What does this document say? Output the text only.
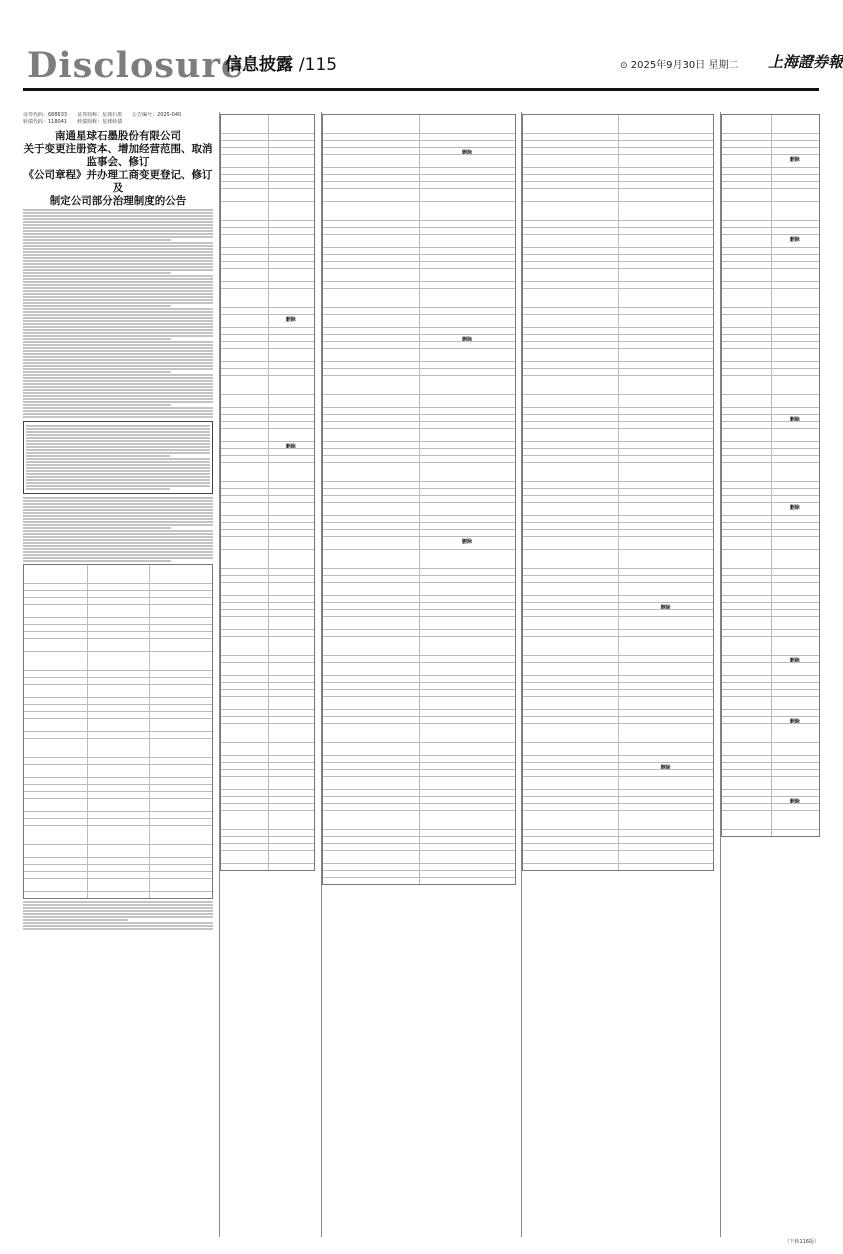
Disclosure
信息披露 /115	⊙ 2025年9月30日 星期二 上海證券報
证券代码：688633 证券简称：星球石墨 公告编号：2025-040
转债代码：118041 转债简称：星球转债
南通星球石墨股份有限公司
关于变更注册资本、增加经营范围、取消监事会、修订
《公司章程》并办理工商变更登记、修订及
制定公司部分治理制度的公告
删除
删除
删除
删除
删除
删除
删除
删除
删除
删除
删除
删除
删除
删除
（下转116版）
